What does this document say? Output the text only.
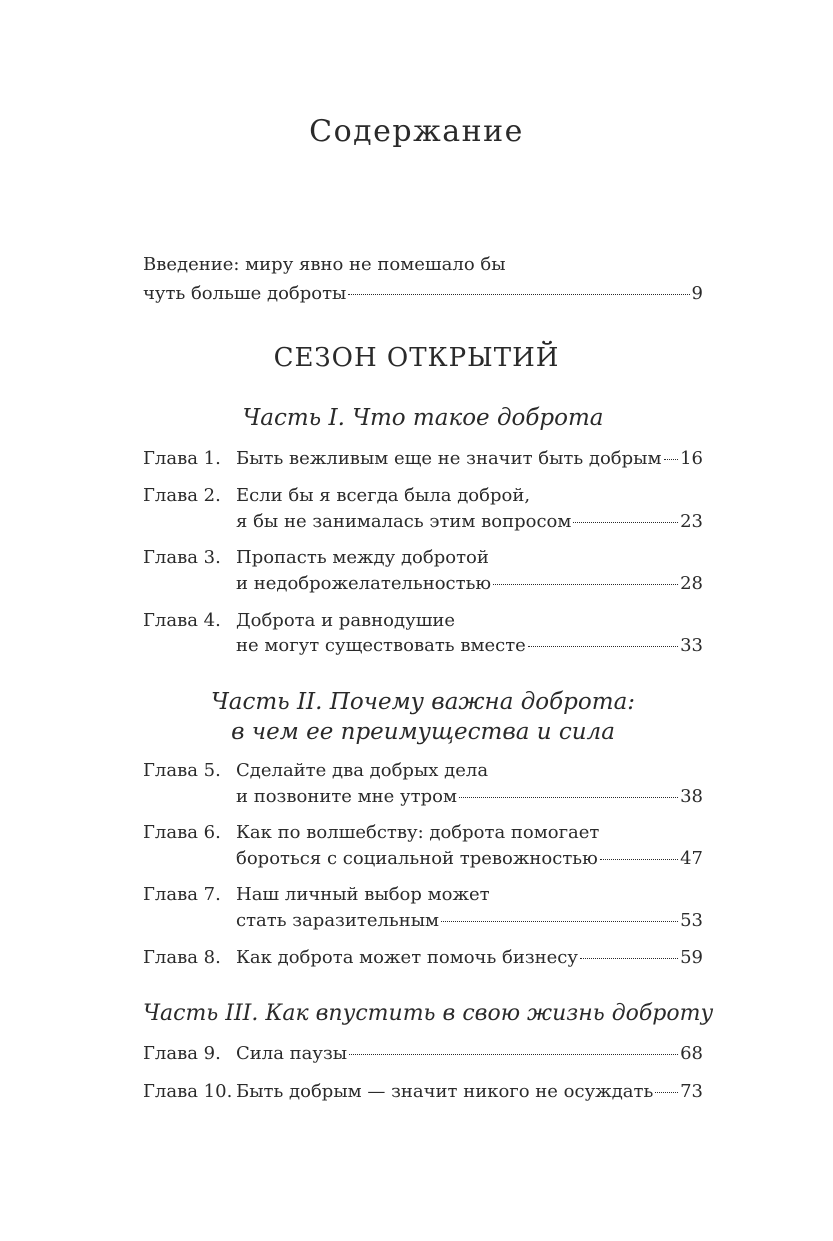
Содержание
Введение: миру явно не помешало бы
чуть больше доброты	9
СЕЗОН ОТКРЫТИЙ
Часть I. Что такое доброта
Глава 1. Быть вежливым еще не значит быть добрым 16
Глава 2. Если бы я всегда была доброй,
я бы не занималась этим вопросом	23
Глава 3. Пропасть между добротой
и недоброжелательностью	28
Глава 4. Доброта и равнодушие
не могут существовать вместе	33
Часть II. Почему важна доброта:
в чем ее преимущества и сила
Глава 5. Сделайте два добрых дела
и позвоните мне утром	38
Глава 6. Как по волшебству: доброта помогает
бороться с социальной тревожностью	47
Глава 7. Наш личный выбор может
стать заразительным	53
Глава 8. Как доброта может помочь бизнесу	59
Часть III. Как впустить в свою жизнь доброту
Глава 9. Сила паузы	68
Глава 10. Быть добрым — значит никого не осуждать 73
